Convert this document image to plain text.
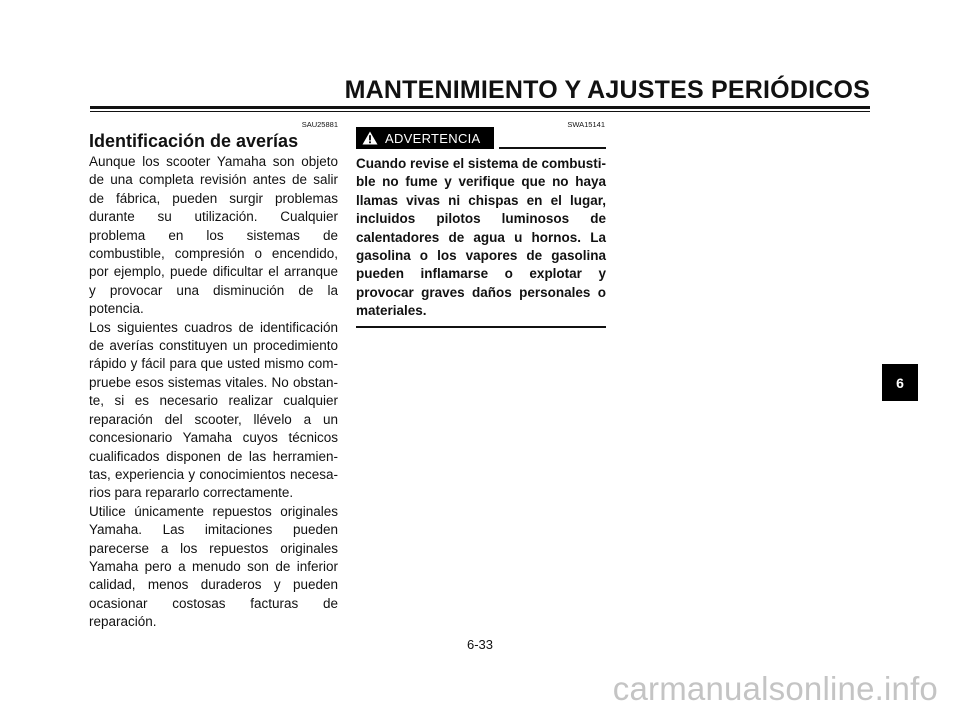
MANTENIMIENTO Y AJUSTES PERIÓDICOS
SAU25881
Identificación de averías

Aunque los scooter Yamaha son objeto de una completa revisión antes de salir de fábrica, pueden surgir problemas durante su utilización. Cualquier problema en los sistemas de combustible, compresión o encendido, por ejemplo, puede dificultar el arranque y provocar una disminución de la potencia.

Los siguientes cuadros de identificación de averías constituyen un procedimiento rápido y fácil para que usted mismo compruebe esos sistemas vitales. No obstante, si es necesario realizar cualquier reparación del scooter, llévelo a un concesionario Yamaha cuyos técnicos cualificados disponen de las herramientas, experiencia y conocimientos necesarios para repararlo correctamente.

Utilice únicamente repuestos originales Yamaha. Las imitaciones pueden parecerse a los repuestos originales Yamaha pero a menudo son de inferior calidad, menos duraderos y pueden ocasionar costosas facturas de reparación.

SWA15141
ADVERTENCIA
Cuando revise el sistema de combustible no fume y verifique que no haya llamas vivas ni chispas en el lugar, incluidos pilotos luminosos de calentadores de agua u hornos. La gasolina o los vapores de gasolina pueden inflamarse o explotar y provocar graves daños personales o materiales.
6
6-33
carmanualsonline.info
